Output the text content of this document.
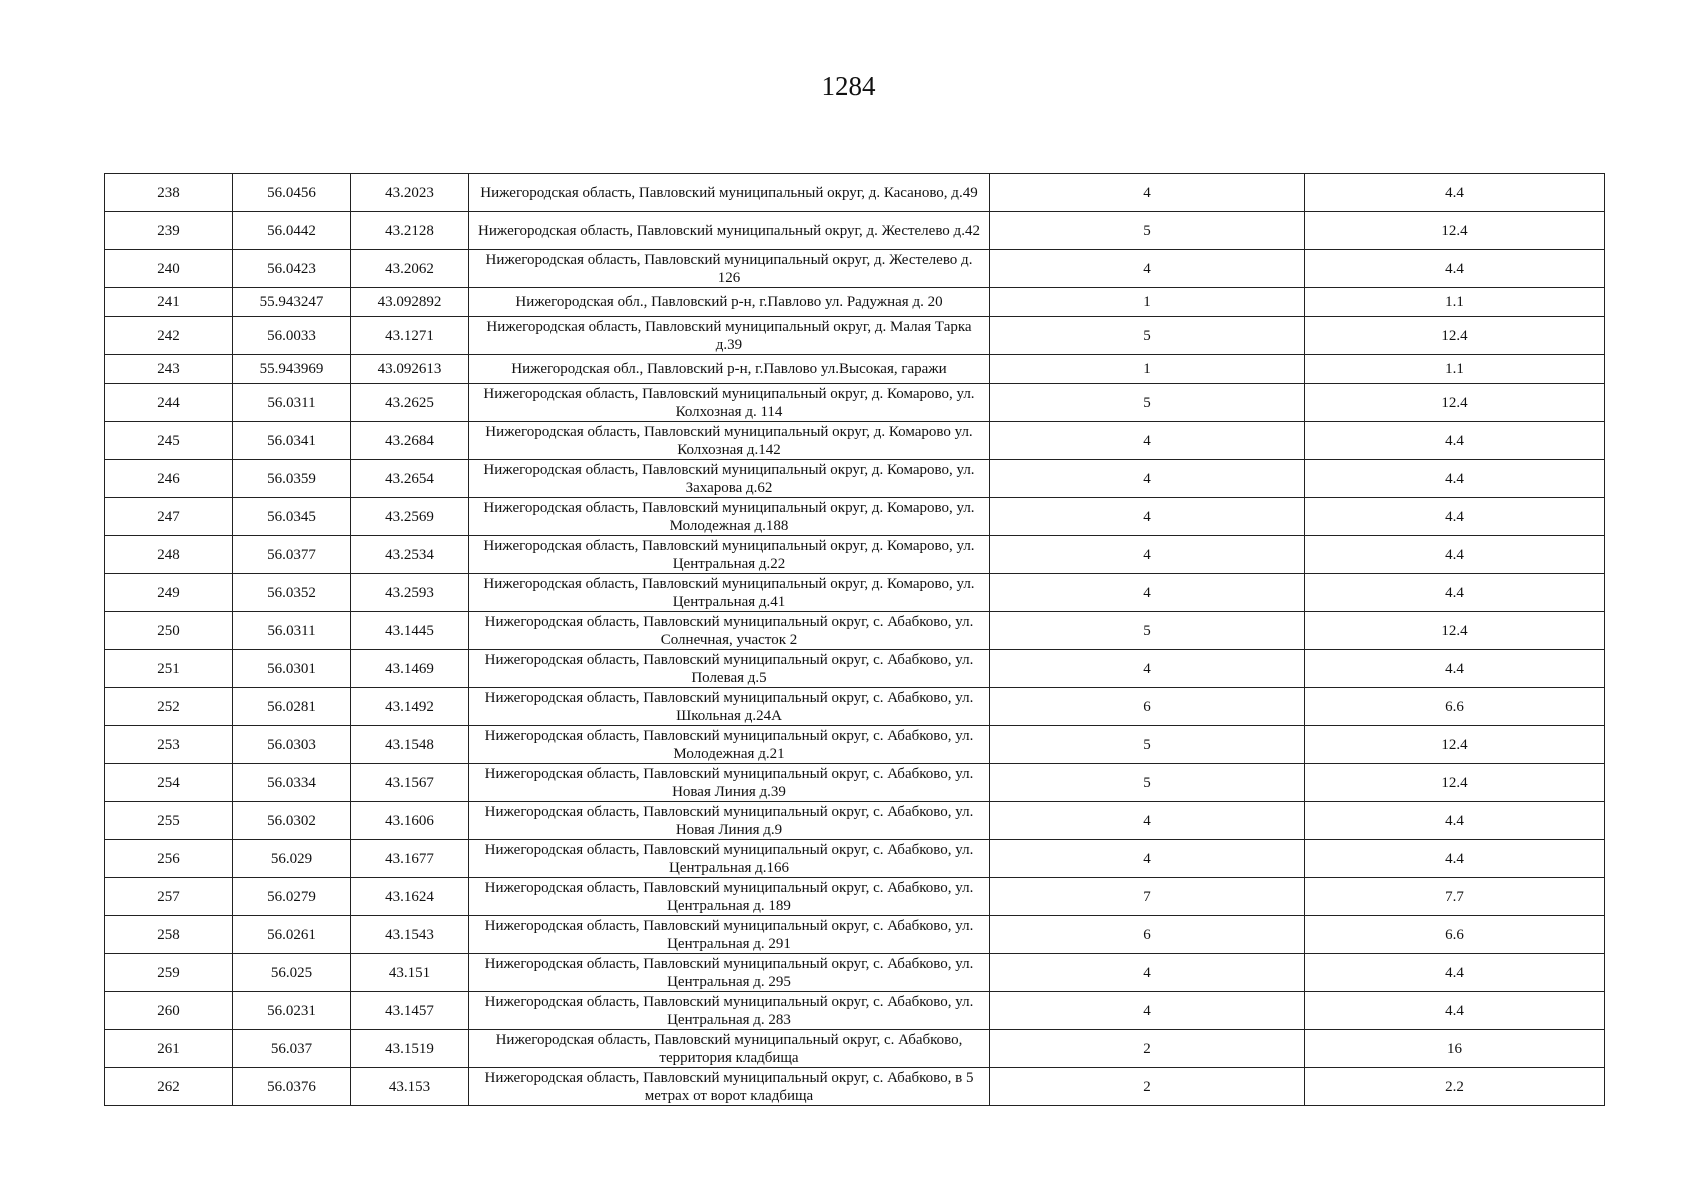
1284
238	56.0456	43.2023	Нижегородская область, Павловский муниципальный округ, д. Касаново, д.49	4	4.4
239	56.0442	43.2128	Нижегородская область, Павловский муниципальный округ, д. Жестелево д.42	5	12.4
240	56.0423	43.2062	Нижегородская область, Павловский муниципальный округ, д. Жестелево д. 126	4	4.4
241	55.943247	43.092892	Нижегородская обл., Павловский р-н, г.Павлово ул. Радужная д. 20	1	1.1
242	56.0033	43.1271	Нижегородская область, Павловский муниципальный округ, д. Малая Тарка д.39	5	12.4
243	55.943969	43.092613	Нижегородская обл., Павловский р-н, г.Павлово ул.Высокая, гаражи	1	1.1
244	56.0311	43.2625	Нижегородская область, Павловский муниципальный округ, д. Комарово, ул. Колхозная д. 114	5	12.4
245	56.0341	43.2684	Нижегородская область, Павловский муниципальный округ, д. Комарово ул. Колхозная д.142	4	4.4
246	56.0359	43.2654	Нижегородская область, Павловский муниципальный округ, д. Комарово, ул. Захарова д.62	4	4.4
247	56.0345	43.2569	Нижегородская область, Павловский муниципальный округ, д. Комарово, ул. Молодежная д.188	4	4.4
248	56.0377	43.2534	Нижегородская область, Павловский муниципальный округ, д. Комарово, ул. Центральная д.22	4	4.4
249	56.0352	43.2593	Нижегородская область, Павловский муниципальный округ, д. Комарово, ул. Центральная д.41	4	4.4
250	56.0311	43.1445	Нижегородская область, Павловский муниципальный округ, с. Абабково, ул. Солнечная, участок 2	5	12.4
251	56.0301	43.1469	Нижегородская область, Павловский муниципальный округ, с. Абабково, ул. Полевая д.5	4	4.4
252	56.0281	43.1492	Нижегородская область, Павловский муниципальный округ, с. Абабково, ул. Школьная д.24А	6	6.6
253	56.0303	43.1548	Нижегородская область, Павловский муниципальный округ, с. Абабково, ул. Молодежная д.21	5	12.4
254	56.0334	43.1567	Нижегородская область, Павловский муниципальный округ, с. Абабково, ул. Новая Линия д.39	5	12.4
255	56.0302	43.1606	Нижегородская область, Павловский муниципальный округ, с. Абабково, ул. Новая Линия д.9	4	4.4
256	56.029	43.1677	Нижегородская область, Павловский муниципальный округ, с. Абабково, ул. Центральная д.166	4	4.4
257	56.0279	43.1624	Нижегородская область, Павловский муниципальный округ, с. Абабково, ул. Центральная д. 189	7	7.7
258	56.0261	43.1543	Нижегородская область, Павловский муниципальный округ, с. Абабково, ул. Центральная д. 291	6	6.6
259	56.025	43.151	Нижегородская область, Павловский муниципальный округ, с. Абабково, ул. Центральная д. 295	4	4.4
260	56.0231	43.1457	Нижегородская область, Павловский муниципальный округ, с. Абабково, ул. Центральная д. 283	4	4.4
261	56.037	43.1519	Нижегородская область, Павловский муниципальный округ, с. Абабково, территория кладбища	2	16
262	56.0376	43.153	Нижегородская область, Павловский муниципальный округ, с. Абабково, в 5 метрах от ворот кладбища	2	2.2
